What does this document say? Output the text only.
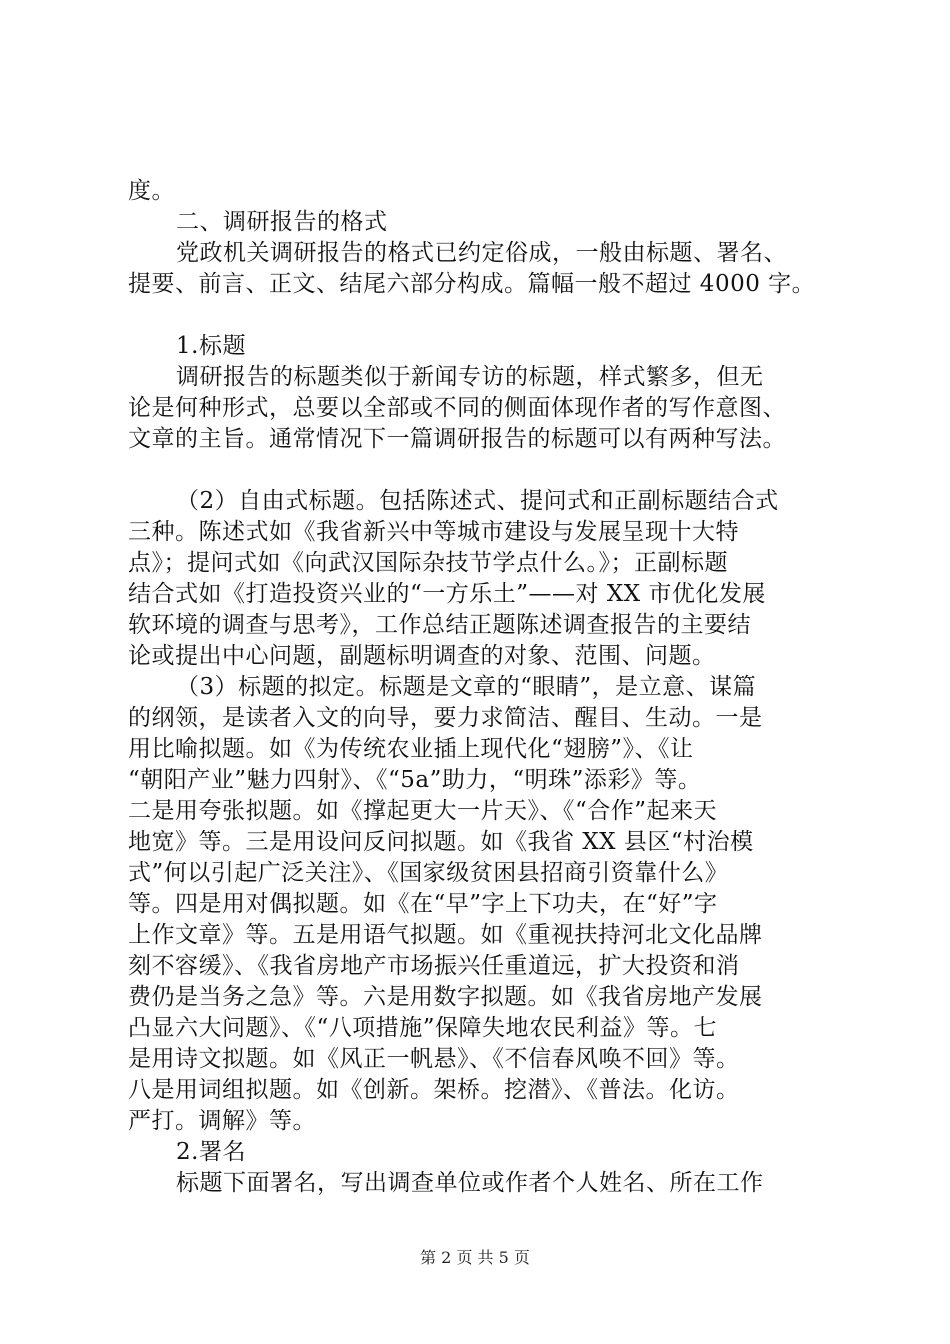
度。
二、调研报告的格式
党政机关调研报告的格式已约定俗成，一般由标题、署名、
提要、前言、正文、结尾六部分构成。篇幅一般不超过 4000 字。
1.标题
调研报告的标题类似于新闻专访的标题，样式繁多，但无
论是何种形式，总要以全部或不同的侧面体现作者的写作意图、
文章的主旨。通常情况下一篇调研报告的标题可以有两种写法。
（2）自由式标题。包括陈述式、提问式和正副标题结合式
三种。陈述式如《我省新兴中等城市建设与发展呈现十大特
点》；提问式如《向武汉国际杂技节学点什么。》；正副标题
结合式如《打造投资兴业的“一方乐土”——对 XX 市优化发展
软环境的调查与思考》，工作总结正题陈述调查报告的主要结
论或提出中心问题，副题标明调查的对象、范围、问题。
（3）标题的拟定。标题是文章的“眼睛”，是立意、谋篇
的纲领，是读者入文的向导，要力求简洁、醒目、生动。一是
用比喻拟题。如《为传统农业插上现代化“翅膀”》、《让
“朝阳产业”魅力四射》、《“5a”助力，“明珠”添彩》等。
二是用夸张拟题。如《撑起更大一片天》、《“合作”起来天
地宽》等。三是用设问反问拟题。如《我省 XX 县区“村治模
式”何以引起广泛关注》、《国家级贫困县招商引资靠什么》
等。四是用对偶拟题。如《在“早”字上下功夫，在“好”字
上作文章》等。五是用语气拟题。如《重视扶持河北文化品牌
刻不容缓》、《我省房地产市场振兴任重道远，扩大投资和消
费仍是当务之急》等。六是用数字拟题。如《我省房地产发展
凸显六大问题》、《“八项措施”保障失地农民利益》等。七
是用诗文拟题。如《风正一帆悬》、《不信春风唤不回》等。
八是用词组拟题。如《创新。架桥。挖潜》、《普法。化访。
严打。调解》等。
2.署名
标题下面署名，写出调查单位或作者个人姓名、所在工作
第 2 页 共 5 页
